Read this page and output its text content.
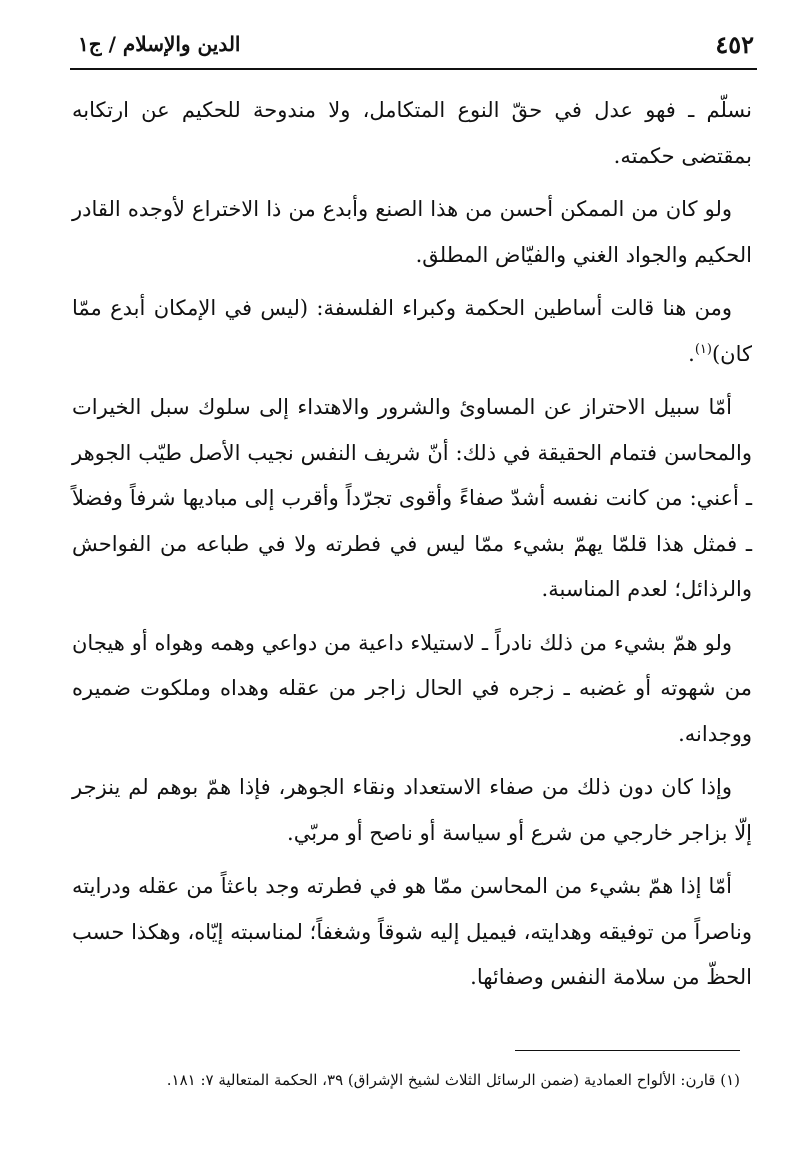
٤٥٢
الدين والإسلام / ج١

نسلّم ـ فهو عدل في حقّ النوع المتكامل، ولا مندوحة للحكيم عن ارتكابه بمقتضى حكمته.

ولو كان من الممكن أحسن من هذا الصنع وأبدع من ذا الاختراع لأوجده القادر الحكيم والجواد الغني والفيّاض المطلق.

ومن هنا قالت أساطين الحكمة وكبراء الفلسفة: (ليس في الإمكان أبدع ممّا كان)$^{(١)}$.

أمّا سبيل الاحتراز عن المساوئ والشرور والاهتداء إلى سلوك سبل الخيرات والمحاسن فتمام الحقيقة في ذلك: أنّ شريف النفس نجيب الأصل طيّب الجوهر ـ أعني: من كانت نفسه أشدّ صفاءً وأقوى تجرّداً وأقرب إلى مباديها شرفاً وفضلاً ـ فمثل هذا قلمّا يهمّ بشيء ممّا ليس في فطرته ولا في طباعه من الفواحش والرذائل؛ لعدم المناسبة.

ولو همّ بشيء من ذلك نادراً ـ لاستيلاء داعية من دواعي وهمه وهواه أو هيجان من شهوته أو غضبه ـ زجره في الحال زاجر من عقله وهداه وملكوت ضميره ووجدانه.

وإذا كان دون ذلك من صفاء الاستعداد ونقاء الجوهر، فإذا همّ بوهم لم ينزجر إلّا بزاجر خارجي من شرع أو سياسة أو ناصح أو مربّي.

أمّا إذا همّ بشيء من المحاسن ممّا هو في فطرته وجد باعثاً من عقله ودرايته وناصراً من توفيقه وهدايته، فيميل إليه شوقاً وشغفاً؛ لمناسبته إيّاه، وهكذا حسب الحظّ من سلامة النفس وصفائها.

(١) قارن: الألواح العمادية (ضمن الرسائل الثلاث لشيخ الإشراق) ٣٩، الحكمة المتعالية ٧: ١٨١.
